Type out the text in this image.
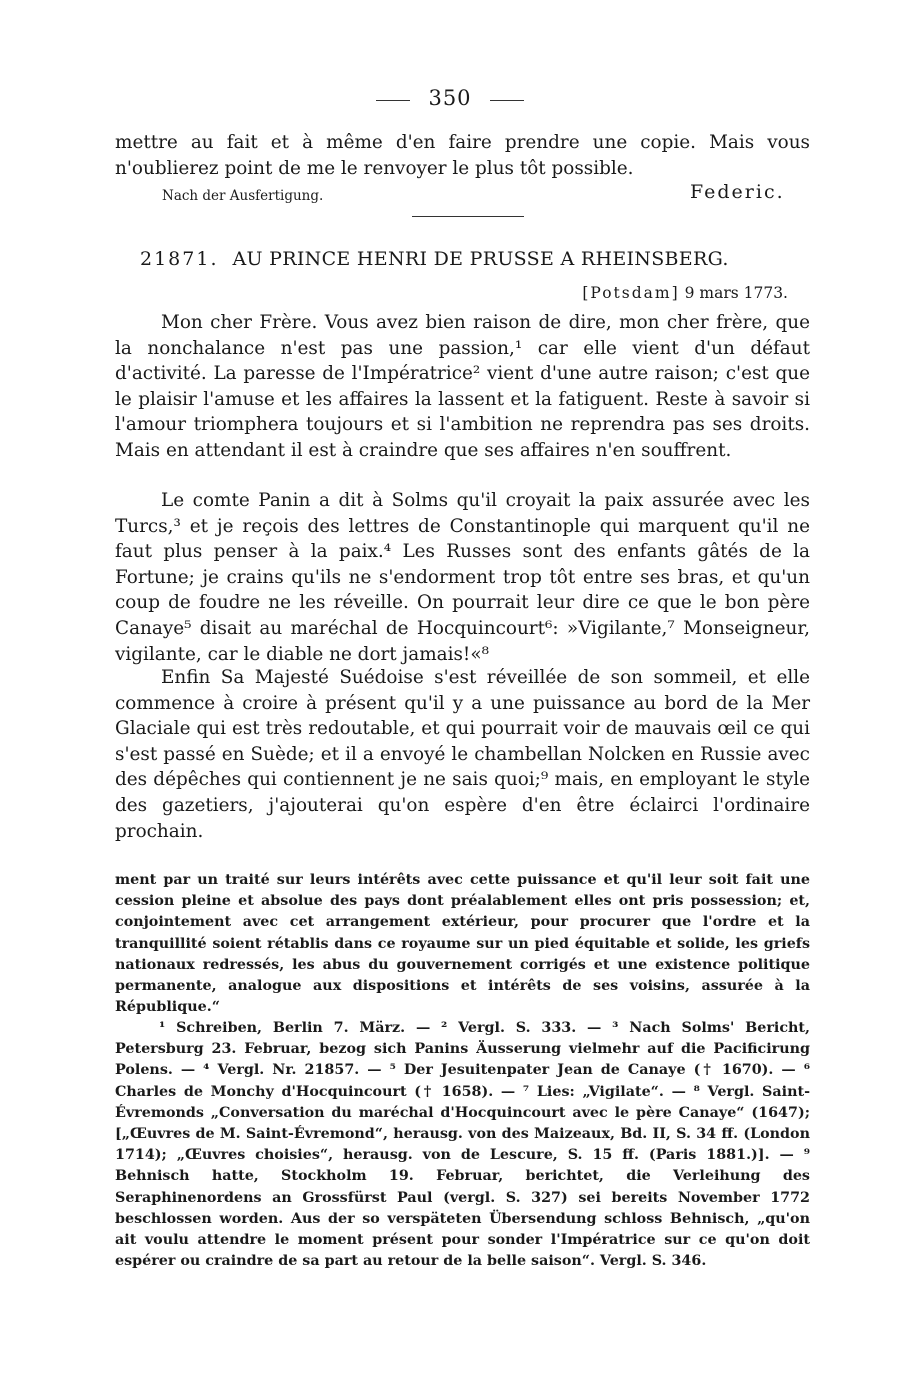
350
mettre au fait et à même d'en faire prendre une copie. Mais vous n'oublierez point de me le renvoyer le plus tôt possible.
Nach der Ausfertigung.	Federic.
21871. AU PRINCE HENRI DE PRUSSE A RHEINSBERG.
[Potsdam] 9 mars 1773.
Mon cher Frère. Vous avez bien raison de dire, mon cher frère, que la nonchalance n'est pas une passion,¹ car elle vient d'un défaut d'activité. La paresse de l'Impératrice² vient d'une autre raison; c'est que le plaisir l'amuse et les affaires la lassent et la fatiguent. Reste à savoir si l'amour triomphera toujours et si l'ambition ne reprendra pas ses droits. Mais en attendant il est à craindre que ses affaires n'en souffrent.
Le comte Panin a dit à Solms qu'il croyait la paix assurée avec les Turcs,³ et je reçois des lettres de Constantinople qui marquent qu'il ne faut plus penser à la paix.⁴ Les Russes sont des enfants gâtés de la Fortune; je crains qu'ils ne s'endorment trop tôt entre ses bras, et qu'un coup de foudre ne les réveille. On pourrait leur dire ce que le bon père Canaye⁵ disait au maréchal de Hocquincourt⁶: »Vigilante,⁷ Monseigneur, vigilante, car le diable ne dort jamais!«⁸
Enfin Sa Majesté Suédoise s'est réveillée de son sommeil, et elle commence à croire à présent qu'il y a une puissance au bord de la Mer Glaciale qui est très redoutable, et qui pourrait voir de mauvais œil ce qui s'est passé en Suède; et il a envoyé le chambellan Nolcken en Russie avec des dépêches qui contiennent je ne sais quoi;⁹ mais, en employant le style des gazetiers, j'ajouterai qu'on espère d'en être éclairci l'ordinaire prochain.
ment par un traité sur leurs intérêts avec cette puissance et qu'il leur soit fait une cession pleine et absolue des pays dont préalablement elles ont pris possession; et, conjointement avec cet arrangement extérieur, pour procurer que l'ordre et la tranquillité soient rétablis dans ce royaume sur un pied équitable et solide, les griefs nationaux redressés, les abus du gouvernement corrigés et une existence politique permanente, analogue aux dispositions et intérêts de ses voisins, assurée à la République.“
¹ Schreiben, Berlin 7. März. — ² Vergl. S. 333. — ³ Nach Solms' Bericht, Petersburg 23. Februar, bezog sich Panins Äusserung vielmehr auf die Pacificirung Polens. — ⁴ Vergl. Nr. 21857. — ⁵ Der Jesuitenpater Jean de Canaye († 1670). — ⁶ Charles de Monchy d'Hocquincourt († 1658). — ⁷ Lies: „Vigilate“. — ⁸ Vergl. Saint-Évremonds „Conversation du maréchal d'Hocquincourt avec le père Canaye“ (1647); [„Œuvres de M. Saint-Évremond“, herausg. von des Maizeaux, Bd. II, S. 34 ff. (London 1714); „Œuvres choisies“, herausg. von de Lescure, S. 15 ff. (Paris 1881.)]. — ⁹ Behnisch hatte, Stockholm 19. Februar, berichtet, die Verleihung des Seraphinenordens an Grossfürst Paul (vergl. S. 327) sei bereits November 1772 beschlossen worden. Aus der so verspäteten Übersendung schloss Behnisch, „qu'on ait voulu attendre le moment présent pour sonder l'Impératrice sur ce qu'on doit espérer ou craindre de sa part au retour de la belle saison“. Vergl. S. 346.
